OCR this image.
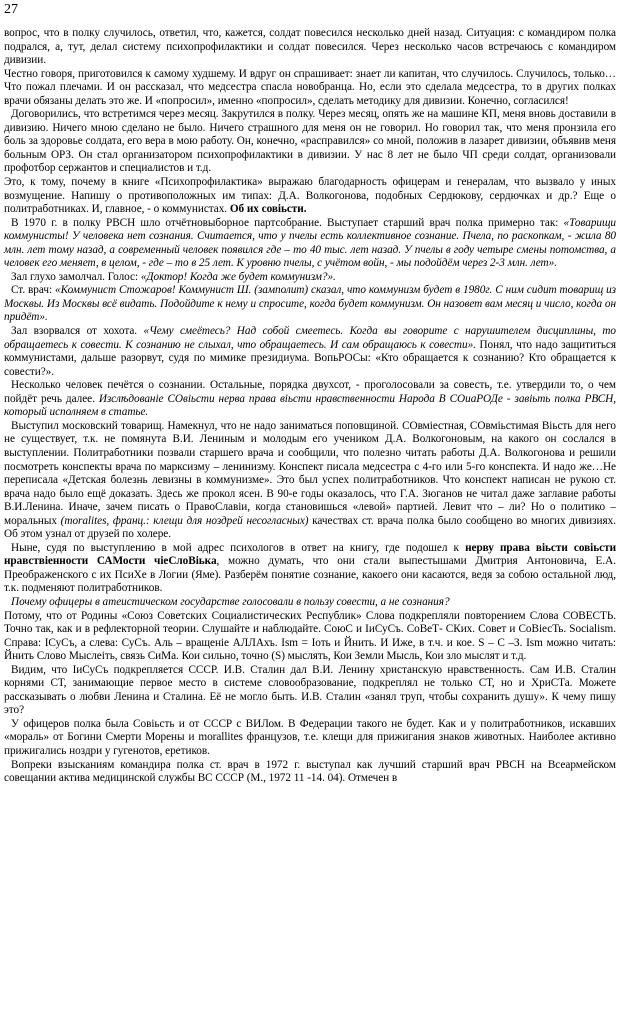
27

вопрос, что в полку случилось, ответил, что, кажется, солдат повесился несколько дней назад. Ситуация: с командиром полка подрался, а, тут, делал систему психопрофилактики и солдат повесился. Через несколько часов встречаюсь с командиром дивизии.

Честно говоря, приготовился к самому худшему. И вдруг он спрашивает: знает ли капитан, что случилось. Случилось, только…Что пожал плечами. И он рассказал, что медсестра спасла новобранца. Но, если это сделала медсестра, то в других полках врачи обязаны делать это же. И «попросил», именно «попросил», сделать методику для дивизии. Конечно, согласился!

Договорились, что встретимся через месяц. Закрутился в полку. Через месяц, опять же на машине КП, меня вновь доставили в дивизию. Ничего мною сделано не было. Ничего страшного для меня он не говорил. Но говорил так, что меня пронзила его боль за здоровье солдата, его вера в мою работу. Он, конечно, «расправился» со мной, положив в лазарет дивизии, объявив меня больным ОРЗ. Он стал организатором психопрофилактики в дивизии. У нас 8 лет не было ЧП среди солдат, организовали профотбор сержантов и специалистов и т.д.

Это, к тому, почему в книге «Психопрофилактика» выражаю благодарность офицерам и генералам, что вызвало у иных возмущение. Напишу о противоположных им типах: Д.А. Волкогонова, подобных Сердюкову, сердючках и др.? Еще о политработниках. И, главное, - о коммунистах. Об их совіьсти.

В 1970 г. в полку РВСН шло отчётновыборное партсобрание. Выступает старший врач полка примерно так: «Товарищи коммунисты! У человека нет сознания. Считается, что у пчелы есть коллективное сознание. Пчела, по раскопкам, - жила 80 млн. лет тому назад, а современный человек появился где – то 40 тыс. лет назад. У пчелы в году четыре смены потомства, а человек его меняет, в целом, - где – то в 25 лет. К уровню пчелы, с учётом войн, - мы подойдём через 2-3 млн. лет».

Зал глухо замолчал. Голос: «Доктор! Когда же будет коммунизм?».

Ст. врач: «Коммунист Стожаров! Коммунист Ш. (замполит) сказал, что коммунизм будет в 1980г. С ним сидит товарищ из Москвы. Из Москвы всё видать. Подойдите к нему и спросите, когда будет коммунизм. Он назовет вам месяц и число, когда он придёт».

Зал взорвался от хохота. «Чему смеётесь? Над собой смеетесь. Когда вы говорите с нарушителем дисциплины, то обращаетесь к совести. К сознанию не слыхал, что обращаетесь. И сам обращаюсь к совести». Понял, что надо защититься коммунистами, дальше разорвут, судя по мимике президиума. ВопьРОСы: «Кто обращается к сознанию? Кто обращается к совести?».

Несколько человек печётся о сознании. Остальные, порядка двухсот, - проголосовали за совесть, т.е. утвердили то, о чем пойдёт речь далее. Изслѣдованiе СОвіьсти нерва права віьсти нравственности Народа В СОиаРОДе - завіьть полка РВСН, который исполняем в статье.

Выступил московский товарищ. Намекнул, что не надо заниматься поповщиной. СОвмiестная, СОвмiьстимая Віьсть для него не существует, т.к. не помянута В.И. Лениным и молодым его учеником Д.А. Волкогоновым, на какого он сослался в выступлении. Политработники позвали старшего врача и сообщили, что полезно читать работы Д.А. Волкогонова и решили посмотреть конспекты врача по марксизму – ленинизму. Конспект писала медсестра с 4-го или 5-го конспекта. И надо же…Не переписала «Детская болезнь левизны в коммунизме». Это был успех политработников. Что конспект написан не рукою ст. врача надо было ещё доказать. Здесь же прокол ясен. В 90-е годы оказалось, что Г.А. Зюганов не читал даже заглавие работы В.И.Ленина. Иначе, зачем писать о ПравоСлавіи, когда становишься «левой» партией. Левит что – ли? Но о политико – моральных (moralites, франц.: клещи для ноздрей несогласных) качествах ст. врача полка было сообщено во многих дивизиях. Об этом узнал от друзей по холере.

Ныне, судя по выступлению в мой адрес психологов в ответ на книгу, где подошел к нерву права віьсти совіьсти нравствiенности САМости чieСлоВіька, можно думать, что они стали выпестышами Дмитрия Антоновича, Е.А. Преображенского с их ПсиХе в Логии (Яме). Разберём понятие сознание, какоего они касаются, ведя за собою остальной люд, т.к. подменяют политработников.

Почему офицеры в атеистическом государстве голосовали в пользу совести, а не сознания?

Потому, что от Родины «Союз Советских Социалистических Республик» Слова подкрепляли повторением Слова СОВЕСТЬ. Точно так, как и в рефлекторной теории. Слушайте и наблюдайте. СоюС и IиСуСъ. СоВеТ- СКих. Совет и СоВiесТь. Socialism. Справа: IСуСъ, а слева: СуСъ. Аль – вращенiе АЛЛАхъ. Ism = Iоть и Йнить. И Иже, в т.ч. и кое. S – С –З. Ism можно читать: Йнить Слово Мыслеiть, связь СиМа. Кои сильно, точно (S) мыслять, Кои Земли Мысль, Кои зло мыслят и т.д.

Видим, что IиСуСъ подкрепляется СССР. И.В. Сталин дал В.И. Ленину христанскую нравственность. Сам И.В. Сталин корнями СТ, занимающие первое место в системе словообразование, подкреплял не только СТ, но и ХриСТа. Можете рассказывать о любви Ленина и Сталина. Её не могло быть. И.В. Сталин «занял труп, чтобы сохранить душу». К чему пишу это?

У офицеров полка была Совіьсть и от СССР с ВИЛом. В Федерации такого не будет. Как и у политработников, искавших «мораль» от Богини Смерти Морены и morallites французов, т.е. клещи для прижигания знаков животных. Наиболее активно прижигались ноздри у гугенотов, еретиков.

Вопреки взысканиям командира полка ст. врач в 1972 г. выступал как лучший старший врач РВСН на Всеармейском совещании актива медицинской службы ВС СССР (М., 1972 11 -14. 04). Отмечен в
